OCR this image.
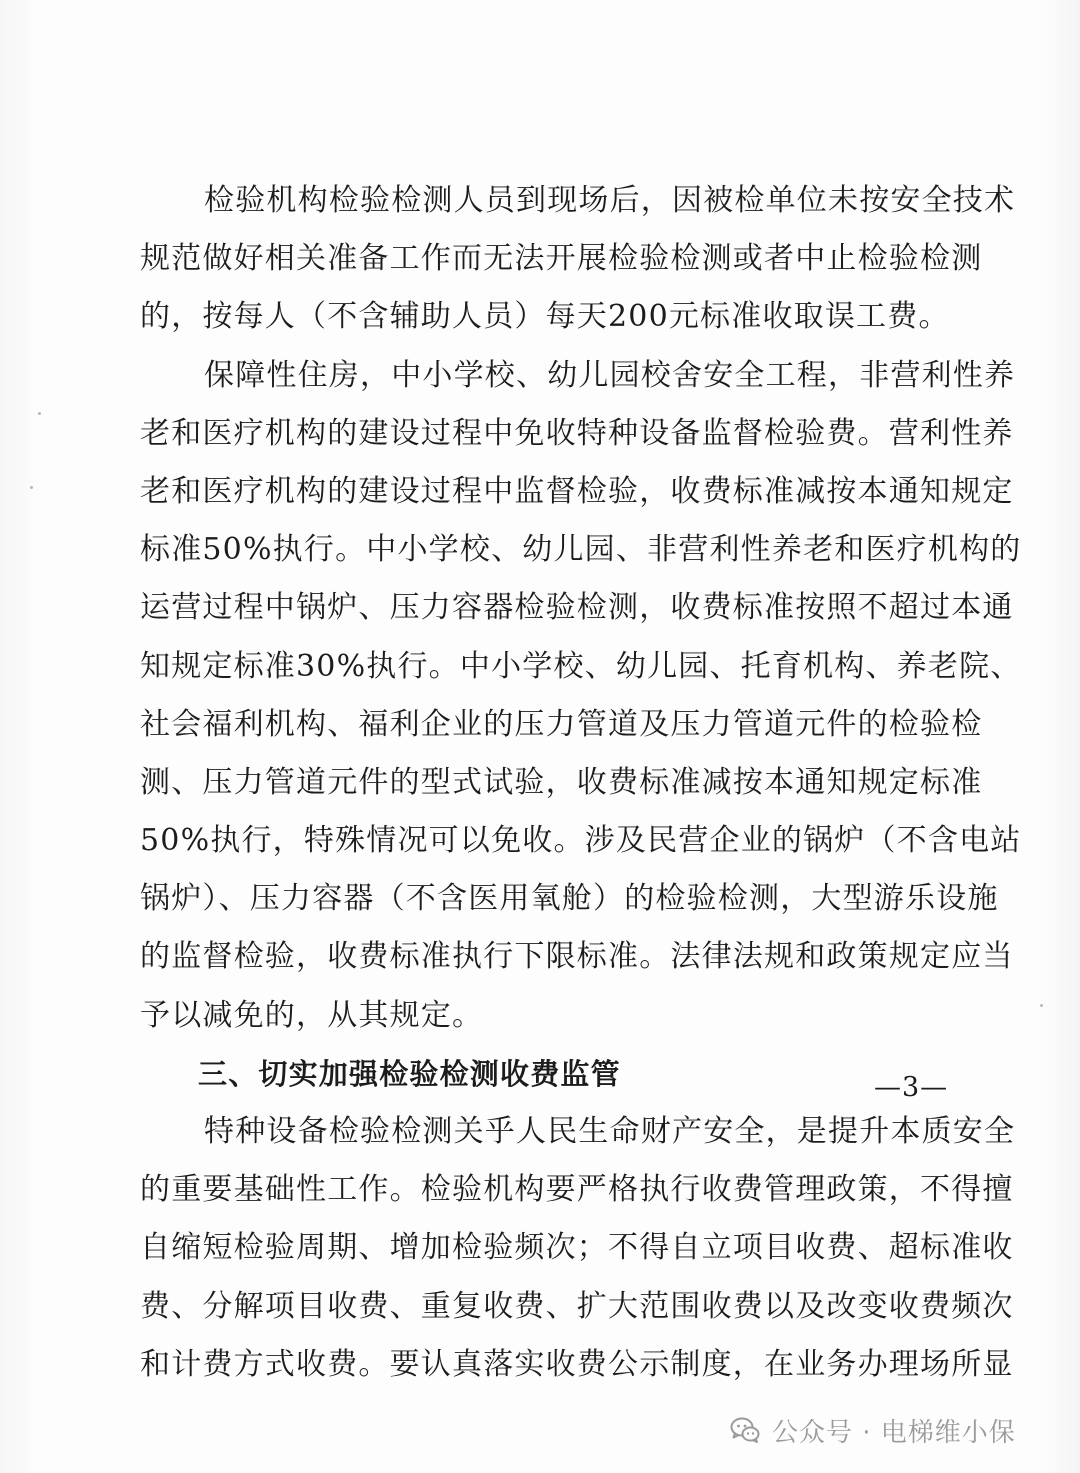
检验机构检验检测人员到现场后，因被检单位未按安全技术
规范做好相关准备工作而无法开展检验检测或者中止检验检测
的，按每人（不含辅助人员）每天200元标准收取误工费。
保障性住房，中小学校、幼儿园校舍安全工程，非营利性养
老和医疗机构的建设过程中免收特种设备监督检验费。营利性养
老和医疗机构的建设过程中监督检验，收费标准减按本通知规定
标准50%执行。中小学校、幼儿园、非营利性养老和医疗机构的
运营过程中锅炉、压力容器检验检测，收费标准按照不超过本通
知规定标准30%执行。中小学校、幼儿园、托育机构、养老院、
社会福利机构、福利企业的压力管道及压力管道元件的检验检
测、压力管道元件的型式试验，收费标准减按本通知规定标准
50%执行，特殊情况可以免收。涉及民营企业的锅炉（不含电站
锅炉）、压力容器（不含医用氧舱）的检验检测，大型游乐设施
的监督检验，收费标准执行下限标准。法律法规和政策规定应当
予以减免的，从其规定。
三、切实加强检验检测收费监管
特种设备检验检测关乎人民生命财产安全，是提升本质安全
的重要基础性工作。检验机构要严格执行收费管理政策，不得擅
自缩短检验周期、增加检验频次；不得自立项目收费、超标准收
费、分解项目收费、重复收费、扩大范围收费以及改变收费频次
和计费方式收费。要认真落实收费公示制度，在业务办理场所显
—3—
公众号 · 电梯维小保
